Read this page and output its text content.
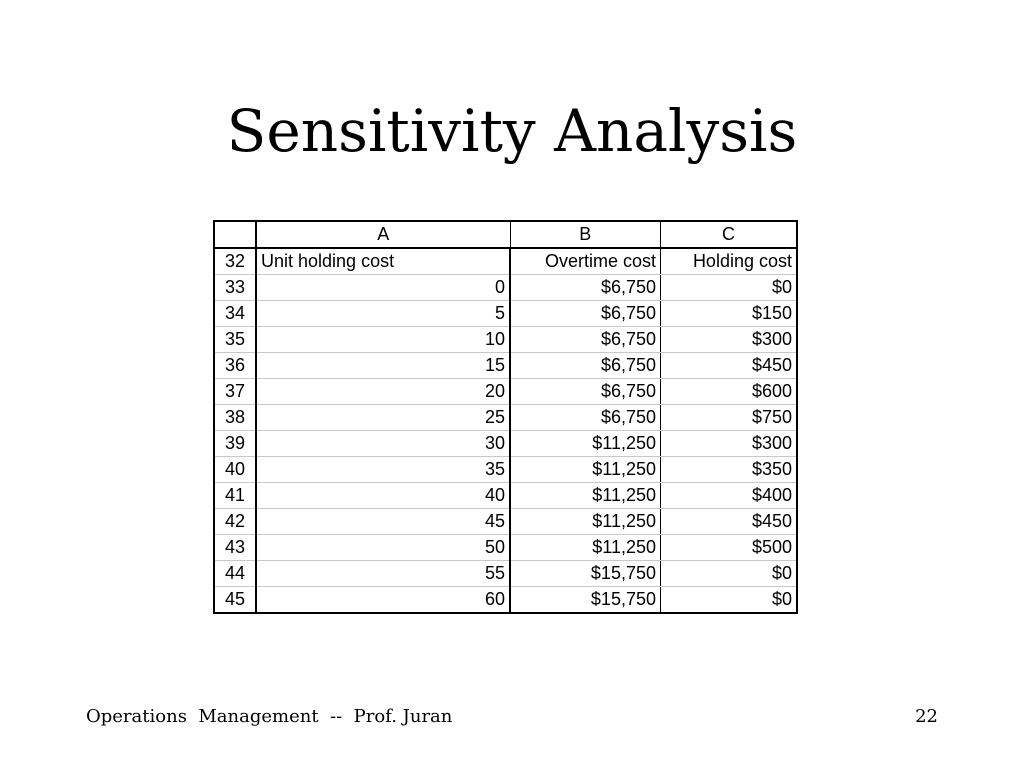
Sensitivity Analysis
	A	B	C
32	Unit holding cost	Overtime cost	Holding cost
33	0	$6,750	$0
34	5	$6,750	$150
35	10	$6,750	$300
36	15	$6,750	$450
37	20	$6,750	$600
38	25	$6,750	$750
39	30	$11,250	$300
40	35	$11,250	$350
41	40	$11,250	$400
42	45	$11,250	$450
43	50	$11,250	$500
44	55	$15,750	$0
45	60	$15,750	$0
Operations  Management  --  Prof. Juran	22
